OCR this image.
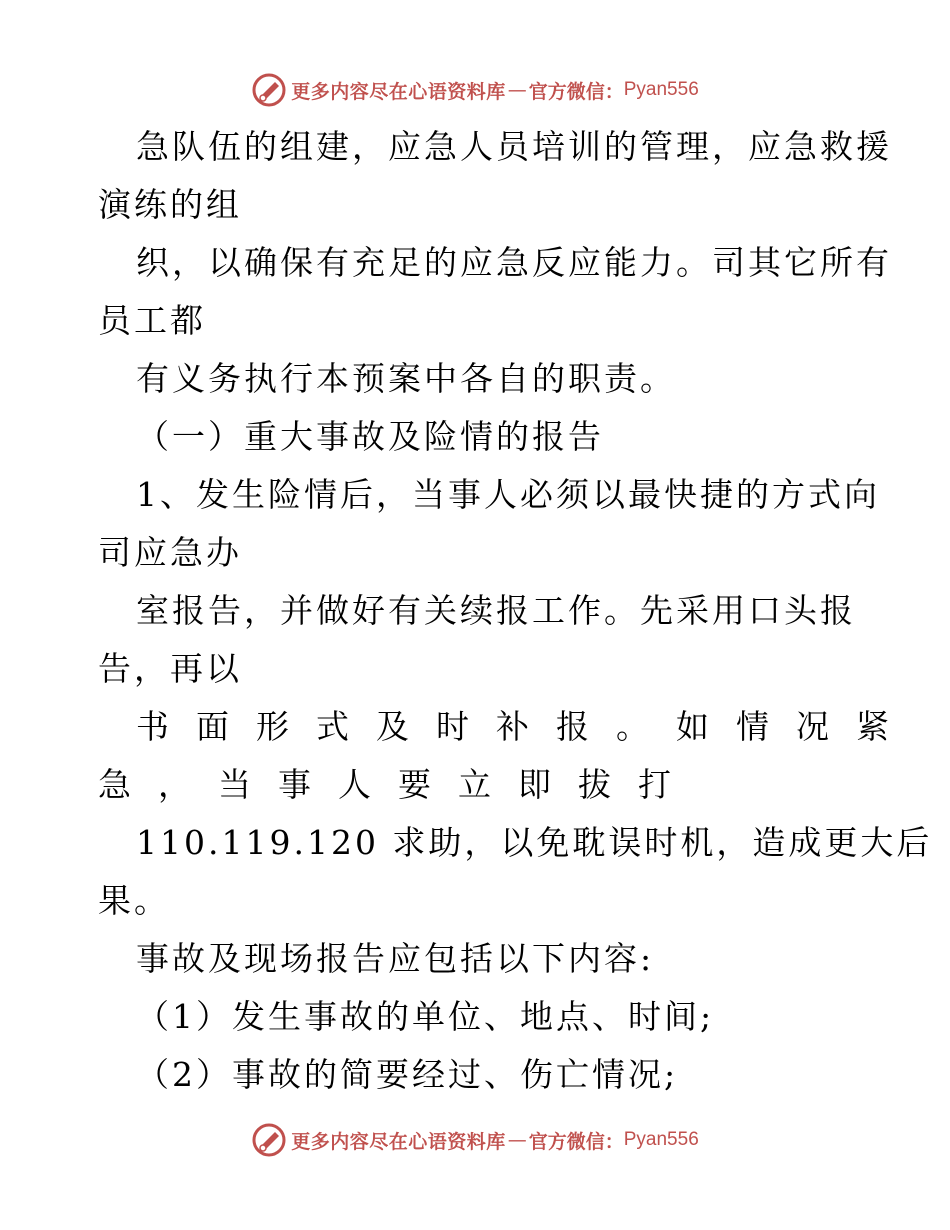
更多内容尽在心语资料库 — 官方微信： Pyan556
急队伍的组建，应急人员培训的管理，应急救援
演练的组
织，以确保有充足的应急反应能力。司其它所有
员工都
有义务执行本预案中各自的职责。
（一）重大事故及险情的报告
1、发生险情后，当事人必须以最快捷的方式向
司应急办
室报告，并做好有关续报工作。先采用口头报
告，再以
书面形式及时补报。如情况紧
急，当事人要立即拔打
110.119.120 求助，以免耽误时机，造成更大后
果。
事故及现场报告应包括以下内容:
（1）发生事故的单位、地点、时间;
（2）事故的简要经过、伤亡情况;
更多内容尽在心语资料库 — 官方微信： Pyan556
